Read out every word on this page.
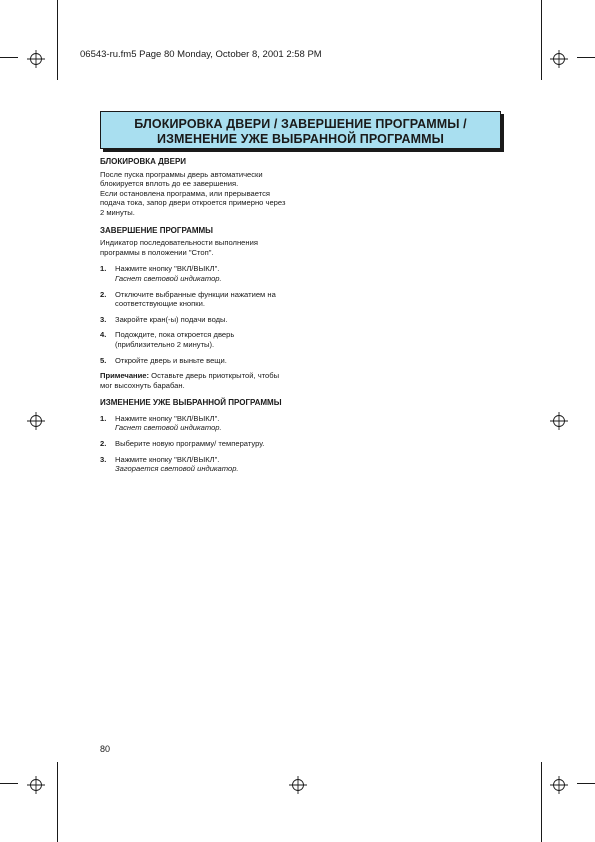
06543-ru.fm5 Page 80 Monday, October 8, 2001 2:58 PM
БЛОКИРОВКА ДВЕРИ / ЗАВЕРШЕНИЕ ПРОГРАММЫ /
ИЗМЕНЕНИЕ УЖЕ ВЫБРАННОЙ ПРОГРАММЫ
БЛОКИРОВКА ДВЕРИ

После пуска программы дверь автоматически

блокируется вплоть до ее завершения.

Если остановлена программа, или прерывается

подача тока, запор двери откроется примерно через

2 минуты.

ЗАВЕРШЕНИЕ ПРОГРАММЫ

Индикатор последовательности выполнения

программы в положении "Стоп".

1. Нажмите кнопку "ВКЛ/ВЫКЛ".
Гаснет световой индикатор.
2. Отключите выбранные функции нажатием на
соответствующие кнопки.
3. Закройте кран(-ы) подачи воды.
4. Подождите, пока откроется дверь
(приблизительно 2 минуты).
5. Откройте дверь и выньте вещи.
Примечание: Оставьте дверь приоткрытой, чтобы
мог высохнуть барабан.
ИЗМЕНЕНИЕ УЖЕ ВЫБРАННОЙ ПРОГРАММЫ
1. Нажмите кнопку "ВКЛ/ВЫКЛ".
Гаснет световой индикатор.
2. Выберите новую программу/ температуру.
3. Нажмите кнопку "ВКЛ/ВЫКЛ".
Загорается световой индикатор.
80
